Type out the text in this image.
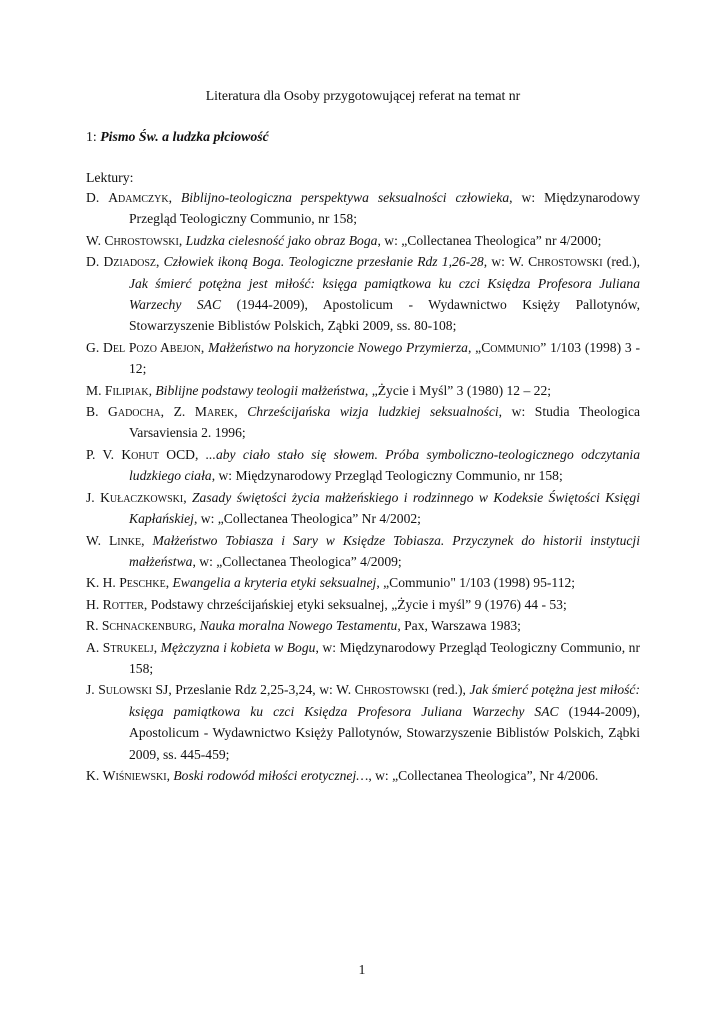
Literatura dla Osoby przygotowującej referat na temat nr
1: Pismo Św. a ludzka płciowość
Lektury:

D. Adamczyk, Biblijno-teologiczna perspektywa seksualności człowieka, w: Międzynarodowy Przegląd Teologiczny Communio, nr 158;

W. Chrostowski, Ludzka cielesność jako obraz Boga, w: „Collectanea Theologica” nr 4/2000;

D. Dziadosz, Człowiek ikoną Boga. Teologiczne przesłanie Rdz 1,26-28, w: W. Chrostowski (red.), Jak śmierć potężna jest miłość: księga pamiątkowa ku czci Księdza Profesora Juliana Warzechy SAC (1944-2009), Apostolicum - Wydawnictwo Księży Pallotynów, Stowarzyszenie Biblistów Polskich, Ząbki 2009, ss. 80-108;

G. Del Pozo Abejon, Małżeństwo na horyzoncie Nowego Przymierza, „Communio” 1/103 (1998) 3 - 12;

M. Filipiak, Biblijne podstawy teologii małżeństwa, „Życie i Myśl” 3 (1980) 12 – 22;

B. Gadocha, Z. Marek, Chrześcijańska wizja ludzkiej seksualności, w: Studia Theologica Varsaviensia 2. 1996;

P. V. Kohut OCD, ...aby ciało stało się słowem. Próba symboliczno-teologicznego odczytania ludzkiego ciała, w: Międzynarodowy Przegląd Teologiczny Communio, nr 158;

J. Kułaczkowski, Zasady świętości życia małżeńskiego i rodzinnego w Kodeksie Świętości Księgi Kapłańskiej, w: „Collectanea Theologica” Nr 4/2002;

W. Linke, Małżeństwo Tobiasza i Sary w Księdze Tobiasza. Przyczynek do historii instytucji małżeństwa, w: „Collectanea Theologica” 4/2009;

K. H. Peschke, Ewangelia a kryteria etyki seksualnej, „Communio" 1/103 (1998) 95-112;

H. Rotter, Podstawy chrześcijańskiej etyki seksualnej, „Życie i myśl” 9 (1976) 44 - 53;

R. Schnackenburg, Nauka moralna Nowego Testamentu, Pax, Warszawa 1983;

A. Strukelj, Mężczyzna i kobieta w Bogu, w: Międzynarodowy Przegląd Teologiczny Communio, nr 158;

J. Sulowski SJ, Przeslanie Rdz 2,25-3,24, w: W. Chrostowski (red.), Jak śmierć potężna jest miłość: księga pamiątkowa ku czci Księdza Profesora Juliana Warzechy SAC (1944-2009), Apostolicum - Wydawnictwo Księży Pallotynów, Stowarzyszenie Biblistów Polskich, Ząbki 2009, ss. 445-459;

K. Wiśniewski, Boski rodowód miłości erotycznej…, w: „Collectanea Theologica”, Nr 4/2006.

1
